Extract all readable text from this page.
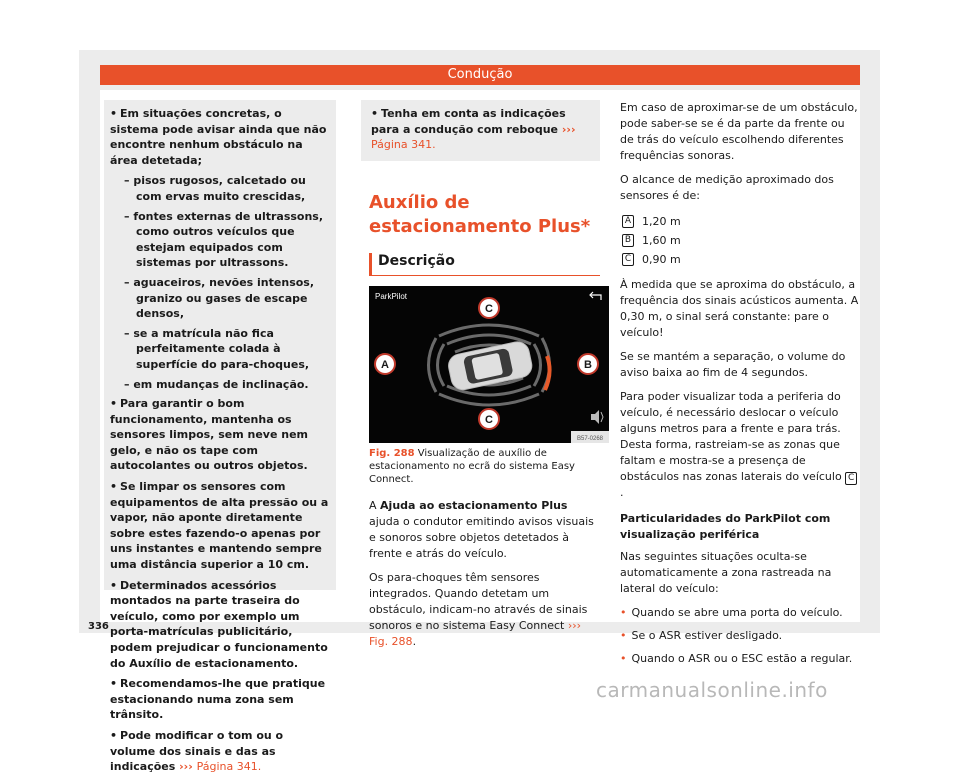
Condução
• Em situações concretas, o sistema pode avisar ainda que não encontre nenhum obstáculo na área detetada;
– pisos rugosos, calcetado ou com ervas muito crescidas,
– fontes externas de ultrassons, como outros veículos que estejam equipados com sistemas por ultrassons.
– aguaceiros, nevões intensos, granizo ou gases de escape densos,
– se a matrícula não fica perfeitamente colada à superfície do para-choques,
– em mudanças de inclinação.
• Para garantir o bom funcionamento, mantenha os sensores limpos, sem neve nem gelo, e não os tape com autocolantes ou outros objetos.
• Se limpar os sensores com equipamentos de alta pressão ou a vapor, não aponte diretamente sobre estes fazendo-o apenas por uns instantes e mantendo sempre uma distância superior a 10 cm.
• Determinados acessórios montados na parte traseira do veículo, como por exemplo um porta-matrículas publicitário, podem prejudicar o funcionamento do Auxílio de estacionamento.
• Recomendamos-lhe que pratique estacionando numa zona sem trânsito.
• Pode modificar o tom ou o volume dos sinais e das as indicações ››› Página 341.
• Tenha em conta as indicações para a condução com reboque ››› Página 341.
Auxílio de estacionamento Plus*
Descrição
ParkPilot
C
A	B
C
B57-0268
Fig. 288 Visualização de auxílio de estacionamento no ecrã do sistema Easy Connect.

A Ajuda ao estacionamento Plus ajuda o condutor emitindo avisos visuais e sonoros sobre objetos detetados à frente e atrás do veículo.

Os para-choques têm sensores integrados. Quando detetam um obstáculo, indicam-no através de sinais sonoros e no sistema Easy Connect ››› Fig. 288.

Em caso de aproximar-se de um obstáculo, pode saber-se se é da parte da frente ou de trás do veículo escolhendo diferentes frequências sonoras.

O alcance de medição aproximado dos sensores é de:

A 1,20 m
B 1,60 m
C 0,90 m

À medida que se aproxima do obstáculo, a frequência dos sinais acústicos aumenta. A 0,30 m, o sinal será constante: pare o veículo!

Se se mantém a separação, o volume do aviso baixa ao fim de 4 segundos.

Para poder visualizar toda a periferia do veículo, é necessário deslocar o veículo alguns metros para a frente e para trás. Desta forma, rastreiam-se as zonas que faltam e mostra-se a presença de obstáculos nas zonas laterais do veículo C.

Particularidades do ParkPilot com visualização periférica

Nas seguintes situações oculta-se automaticamente a zona rastreada na lateral do veículo:

• Quando se abre uma porta do veículo.
• Se o ASR estiver desligado.
• Quando o ASR ou o ESC estão a regular.
336
carmanualsonline.info
